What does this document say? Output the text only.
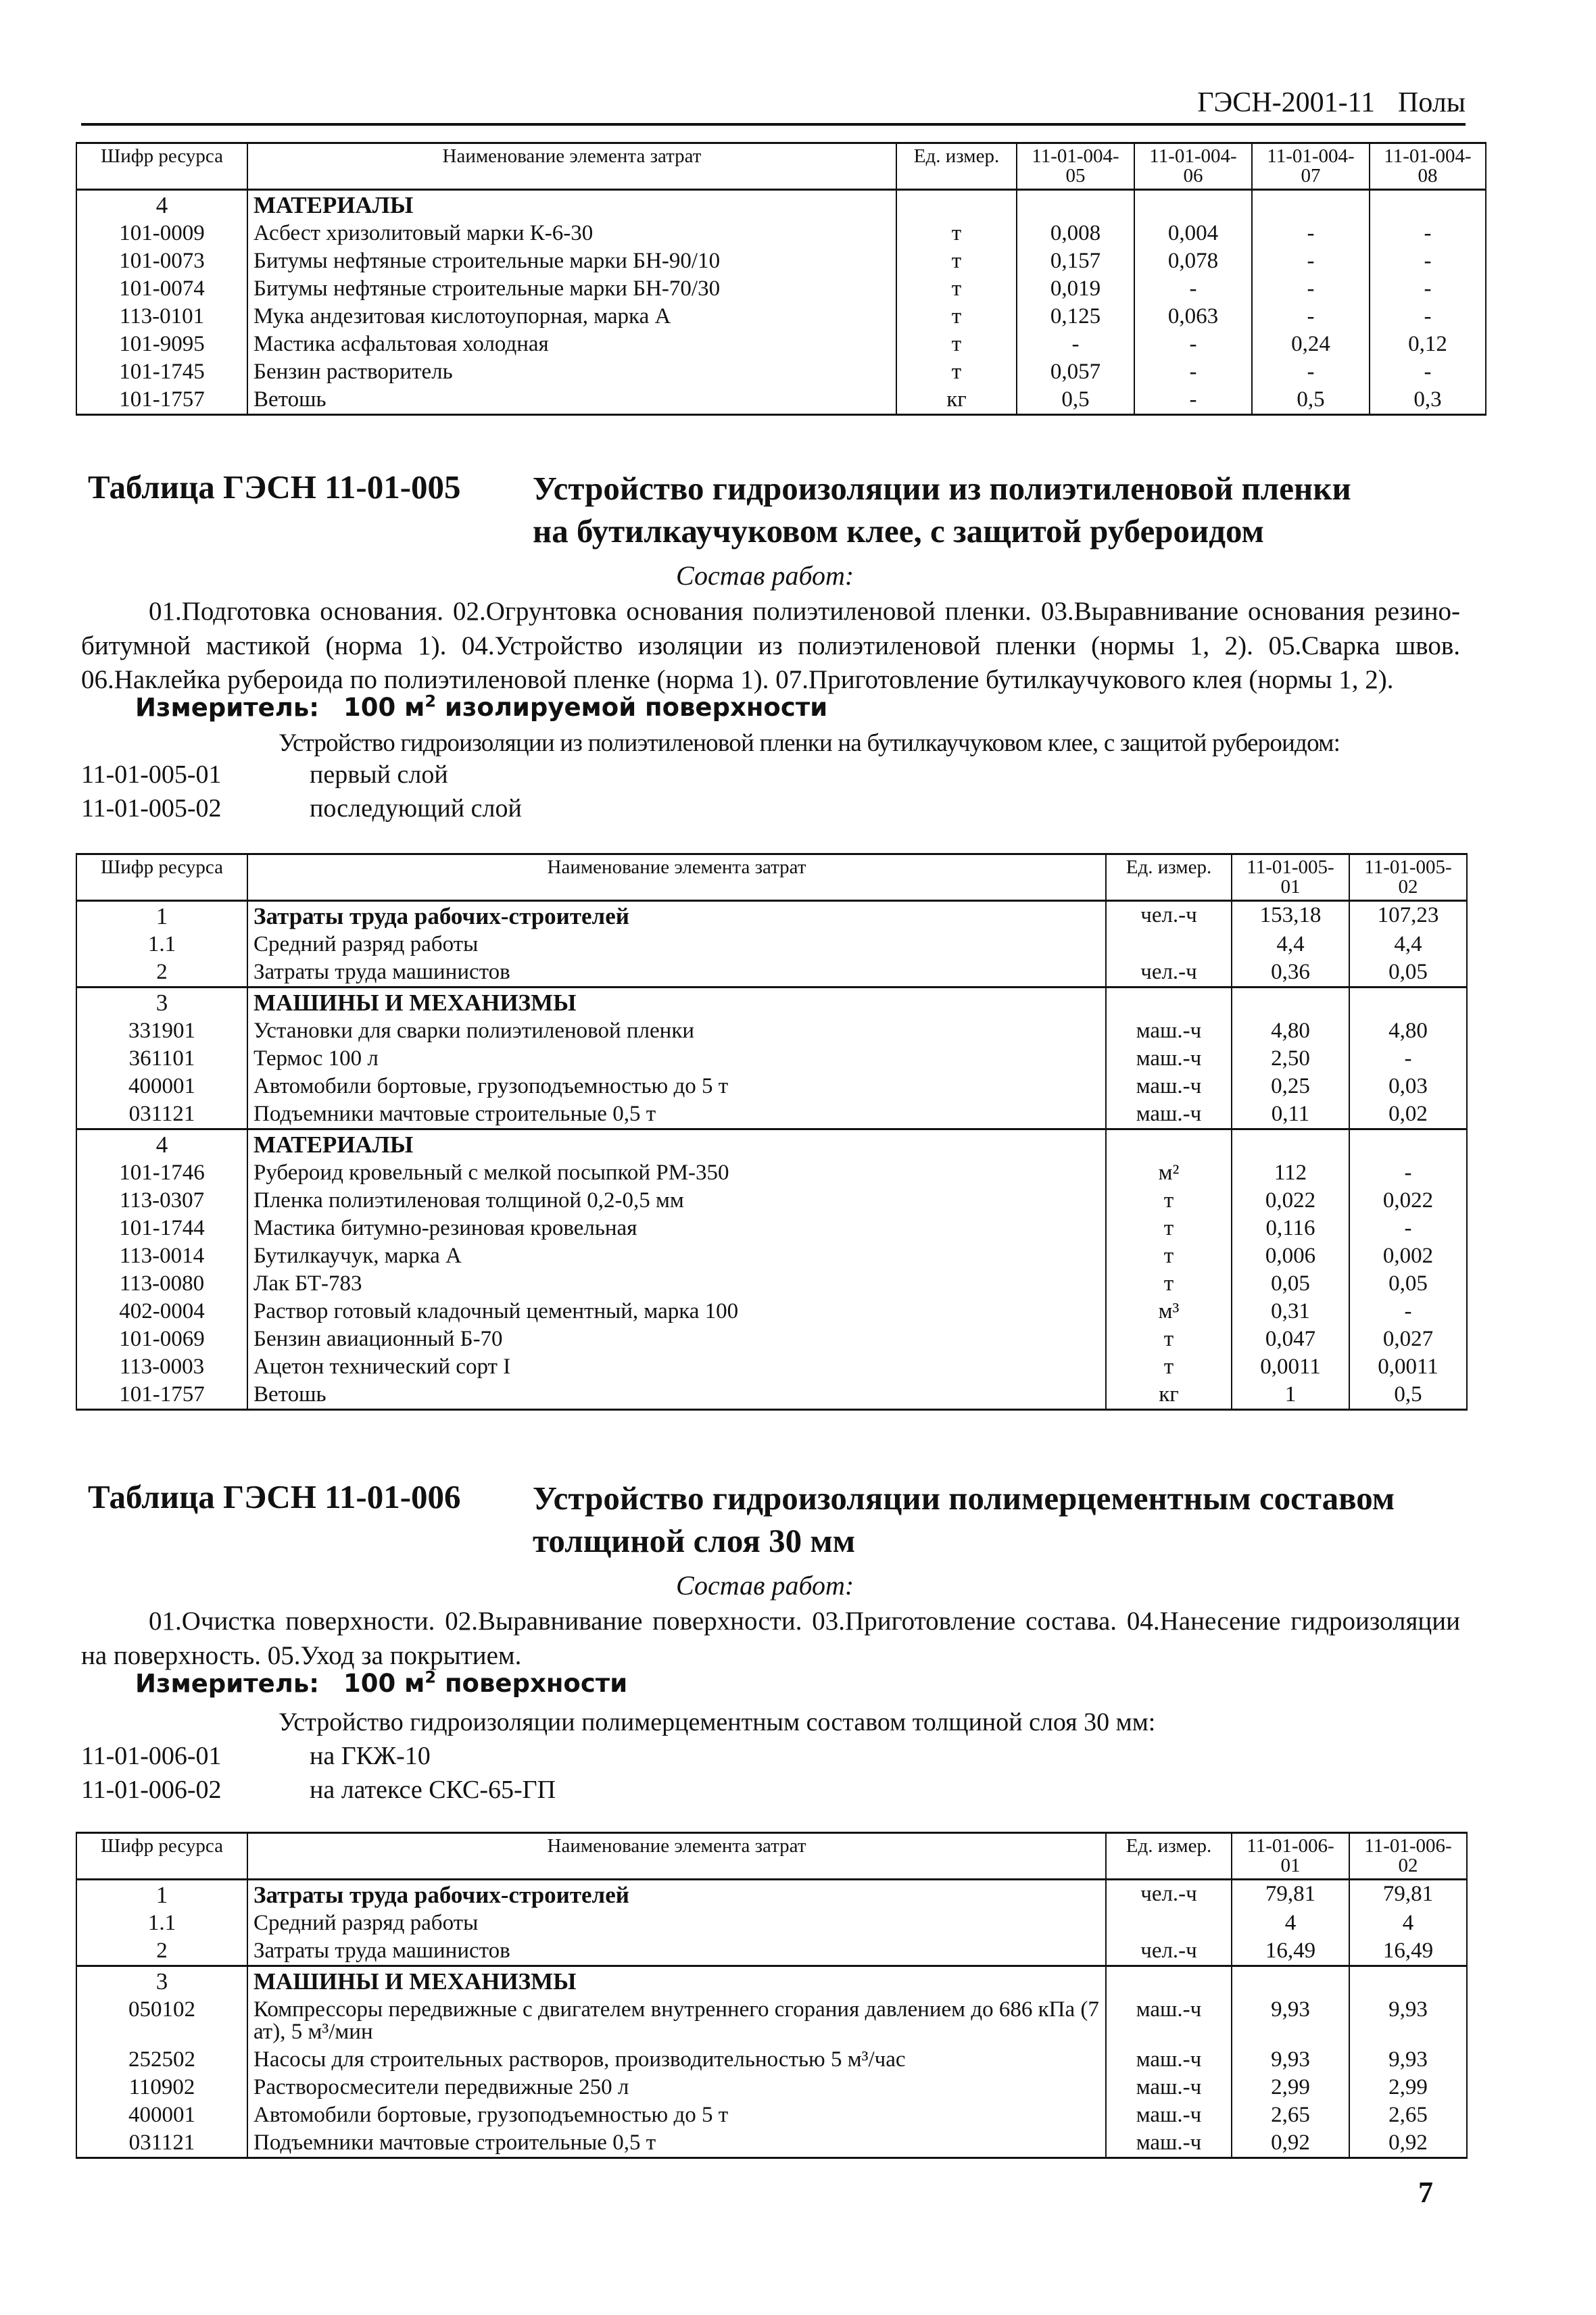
ГЭСН-2001-11 Полы
Шифр ресурса	Наименование элемента затрат	Ед. измер.	11-01-004-05	11-01-004-06	11-01-004-07	11-01-004-08
4	МАТЕРИАЛЫ					
101-0009	Асбест хризолитовый марки К-6-30	т	0,008	0,004	-	-
101-0073	Битумы нефтяные строительные марки БН-90/10	т	0,157	0,078	-	-
101-0074	Битумы нефтяные строительные марки БН-70/30	т	0,019	-	-	-
113-0101	Мука андезитовая кислотоупорная, марка А	т	0,125	0,063	-	-
101-9095	Мастика асфальтовая холодная	т	-	-	0,24	0,12
101-1745	Бензин растворитель	т	0,057	-	-	-
101-1757	Ветошь	кг	0,5	-	0,5	0,3
Таблица ГЭСН 11-01-005 Устройство гидроизоляции из полиэтиленовой пленки
на бутилкаучуковом клее, с защитой рубероидом
Состав работ:
01.Подготовка основания. 02.Огрунтовка основания полиэтиленовой пленки. 03.Выравнивание основания резино-битумной мастикой (норма 1). 04.Устройство изоляции из полиэтиленовой пленки (нормы 1, 2). 05.Сварка швов. 06.Наклейка рубероида по полиэтиленовой пленке (норма 1). 07.Приготовление бутилкаучукового клея (нормы 1, 2).
Измеритель: 100 $м^2$ изолируемой поверхности
Устройство гидроизоляции из полиэтиленовой пленки на бутилкаучуковом клее, с защитой рубероидом:
11-01-005-01	первый слой
11-01-005-02	последующий слой
Шифр ресурса	Наименование элемента затрат	Ед. измер.	11-01-005-01	11-01-005-02
1	Затраты труда рабочих-строителей	чел.-ч	153,18	107,23
1.1	Средний разряд работы		4,4	4,4
2	Затраты труда машинистов	чел.-ч	0,36	0,05
3	МАШИНЫ И МЕХАНИЗМЫ			
331901	Установки для сварки полиэтиленовой пленки	маш.-ч	4,80	4,80
361101	Термос 100 л	маш.-ч	2,50	-
400001	Автомобили бортовые, грузоподъемностью до 5 т	маш.-ч	0,25	0,03
031121	Подъемники мачтовые строительные 0,5 т	маш.-ч	0,11	0,02
4	МАТЕРИАЛЫ			
101-1746	Рубероид кровельный с мелкой посыпкой РМ-350	м²	112	-
113-0307	Пленка полиэтиленовая толщиной 0,2-0,5 мм	т	0,022	0,022
101-1744	Мастика битумно-резиновая кровельная	т	0,116	-
113-0014	Бутилкаучук, марка А	т	0,006	0,002
113-0080	Лак БТ-783	т	0,05	0,05
402-0004	Раствор готовый кладочный цементный, марка 100	м³	0,31	-
101-0069	Бензин авиационный Б-70	т	0,047	0,027
113-0003	Ацетон технический сорт I	т	0,0011	0,0011
101-1757	Ветошь	кг	1	0,5
Таблица ГЭСН 11-01-006 Устройство гидроизоляции полимерцементным составом
толщиной слоя 30 мм
Состав работ:
01.Очистка поверхности. 02.Выравнивание поверхности. 03.Приготовление состава. 04.Нанесение гидроизоляции на поверхность. 05.Уход за покрытием.
Измеритель: 100 $м^2$ поверхности
Устройство гидроизоляции полимерцементным составом толщиной слоя 30 мм:
11-01-006-01	на ГКЖ-10
11-01-006-02	на латексе СКС-65-ГП
Шифр ресурса	Наименование элемента затрат	Ед. измер.	11-01-006-01	11-01-006-02
1	Затраты труда рабочих-строителей	чел.-ч	79,81	79,81
1.1	Средний разряд работы		4	4
2	Затраты труда машинистов	чел.-ч	16,49	16,49
3	МАШИНЫ И МЕХАНИЗМЫ			
050102	Компрессоры передвижные с двигателем внутреннего сгорания давлением до 686 кПа (7 ат), 5 м³/мин	маш.-ч	9,93	9,93
252502	Насосы для строительных растворов, производительностью 5 м³/час	маш.-ч	9,93	9,93
110902	Растворосмесители передвижные 250 л	маш.-ч	2,99	2,99
400001	Автомобили бортовые, грузоподъемностью до 5 т	маш.-ч	2,65	2,65
031121	Подъемники мачтовые строительные 0,5 т	маш.-ч	0,92	0,92
7
